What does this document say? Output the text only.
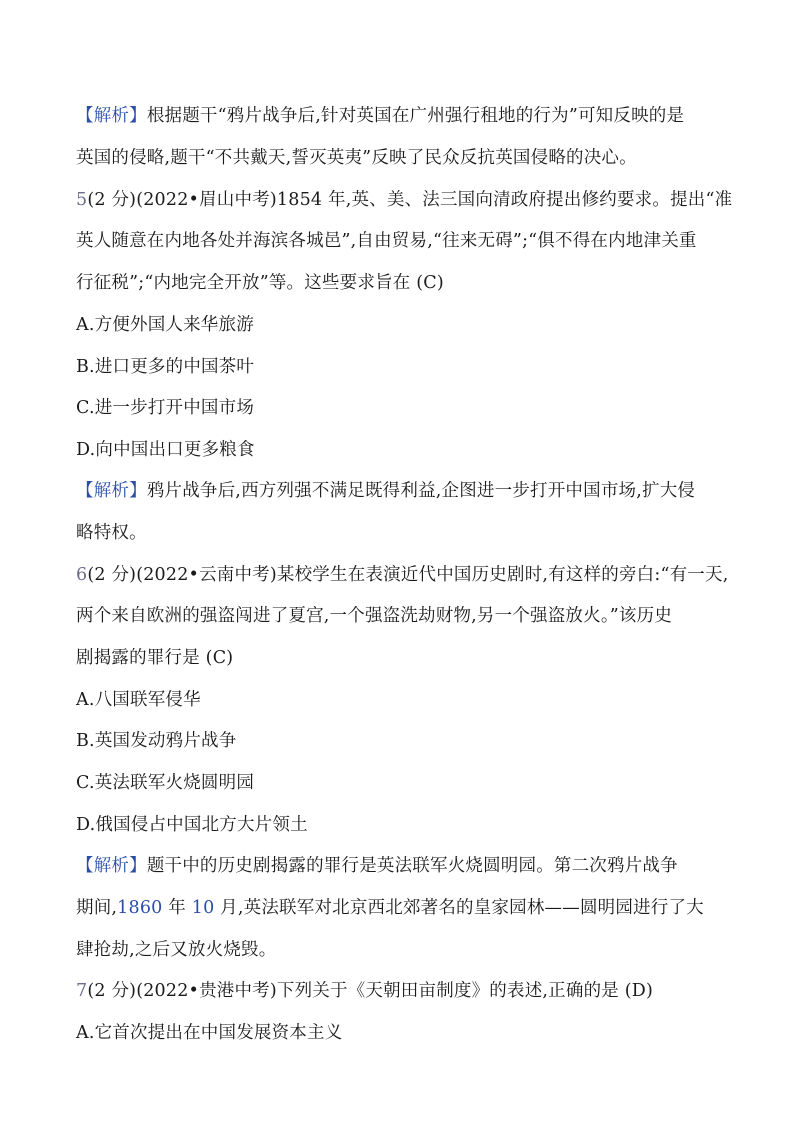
【解析】根据题干“鸦片战争后,针对英国在广州强行租地的行为”可知反映的是
英国的侵略,题干“不共戴天,誓灭英夷”反映了民众反抗英国侵略的决心。
5(2 分)(2022•眉山中考)1854 年,英、美、法三国向清政府提出修约要求。提出“准
英人随意在内地各处并海滨各城邑”,自由贸易,“往来无碍”;“俱不得在内地津关重
行征税”;“内地完全开放”等。这些要求旨在 (C)
A.方便外国人来华旅游
B.进口更多的中国茶叶
C.进一步打开中国市场
D.向中国出口更多粮食
【解析】鸦片战争后,西方列强不满足既得利益,企图进一步打开中国市场,扩大侵
略特权。
6(2 分)(2022•云南中考)某校学生在表演近代中国历史剧时,有这样的旁白:“有一天,
两个来自欧洲的强盗闯进了夏宫,一个强盗洗劫财物,另一个强盗放火。”该历史
剧揭露的罪行是 (C)
A.八国联军侵华
B.英国发动鸦片战争
C.英法联军火烧圆明园
D.俄国侵占中国北方大片领土
【解析】题干中的历史剧揭露的罪行是英法联军火烧圆明园。第二次鸦片战争
期间,1860 年 10 月,英法联军对北京西北郊著名的皇家园林——圆明园进行了大
肆抢劫,之后又放火烧毁。
7(2 分)(2022•贵港中考)下列关于《天朝田亩制度》的表述,正确的是 (D)
A.它首次提出在中国发展资本主义
